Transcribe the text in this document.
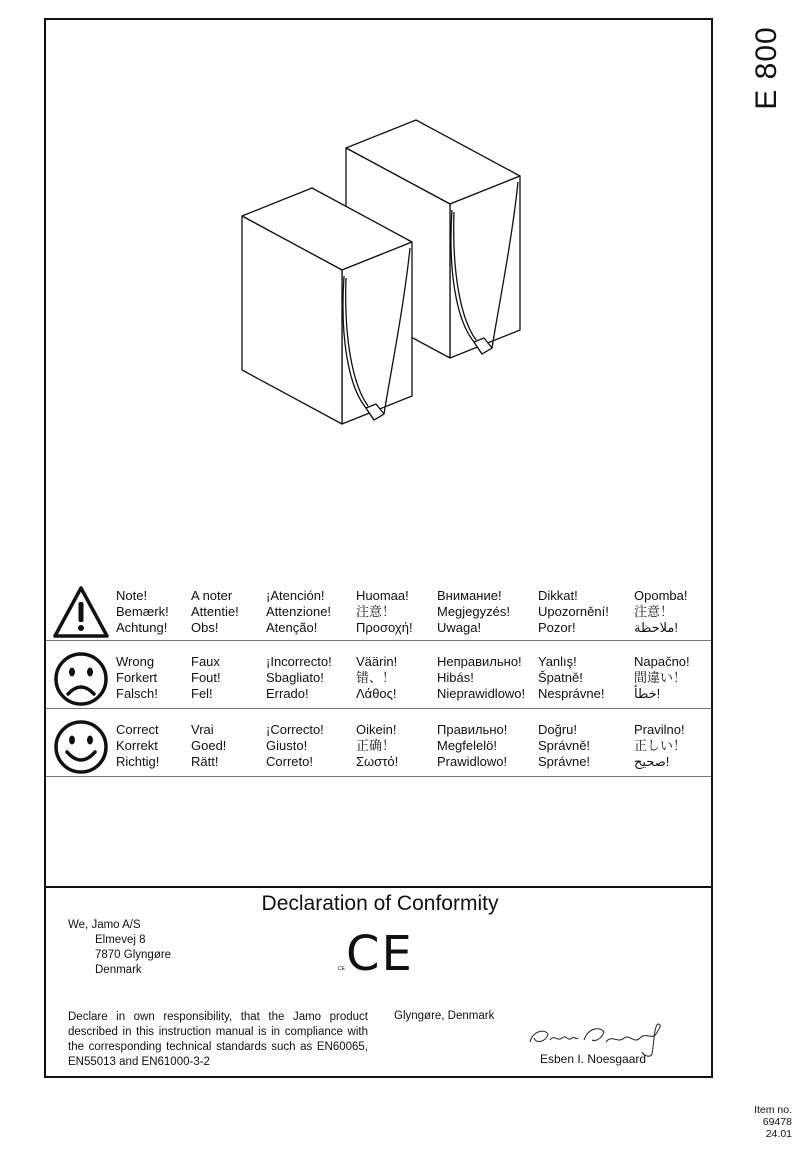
E 800
Note!
Bemærk!
Achtung!
A noter
Attentie!
Obs!
¡Atención!
Attenzione!
Atenção!
Huomaa!
注意！
Προσοχή!
Внимание!
Megjegyzés!
Uwaga!
Dikkat!
Upozornění!
Pozor!
Opomba!
注意！
ملاحظة!
Wrong
Forkert
Falsch!
Faux
Fout!
Fel!
¡Incorrecto!
Sbagliato!
Errado!
Väärin!
错、！
Λάθος!
Неправильно!
Hibás!
Nieprawidlowo!
Yanlış!
Špatně!
Nesprávne!
Napačno!
間違い！
خطأ!
Correct
Korrekt
Richtig!
Vrai
Goed!
Rätt!
¡Correcto!
Giusto!
Correto!
Oikein!
正确！
Σωστό!
Правильно!
Megfelelö!
Prawidlowo!
Doğru!
Správně!
Správne!
Pravilno!
正しい！
صحيح!
Declaration of Conformity
We, Jamo A/S
Elmevej 8
7870 Glyngøre
Denmark	CE
CE
Declare in own responsibility, that the Jamo product described in this instruction manual is in compliance with the corresponding technical standards such as EN60065, EN55013 and EN61000-3-2
Glyngøre, Denmark
Esben I. Noesgaard
Item no.
69478
24.01
